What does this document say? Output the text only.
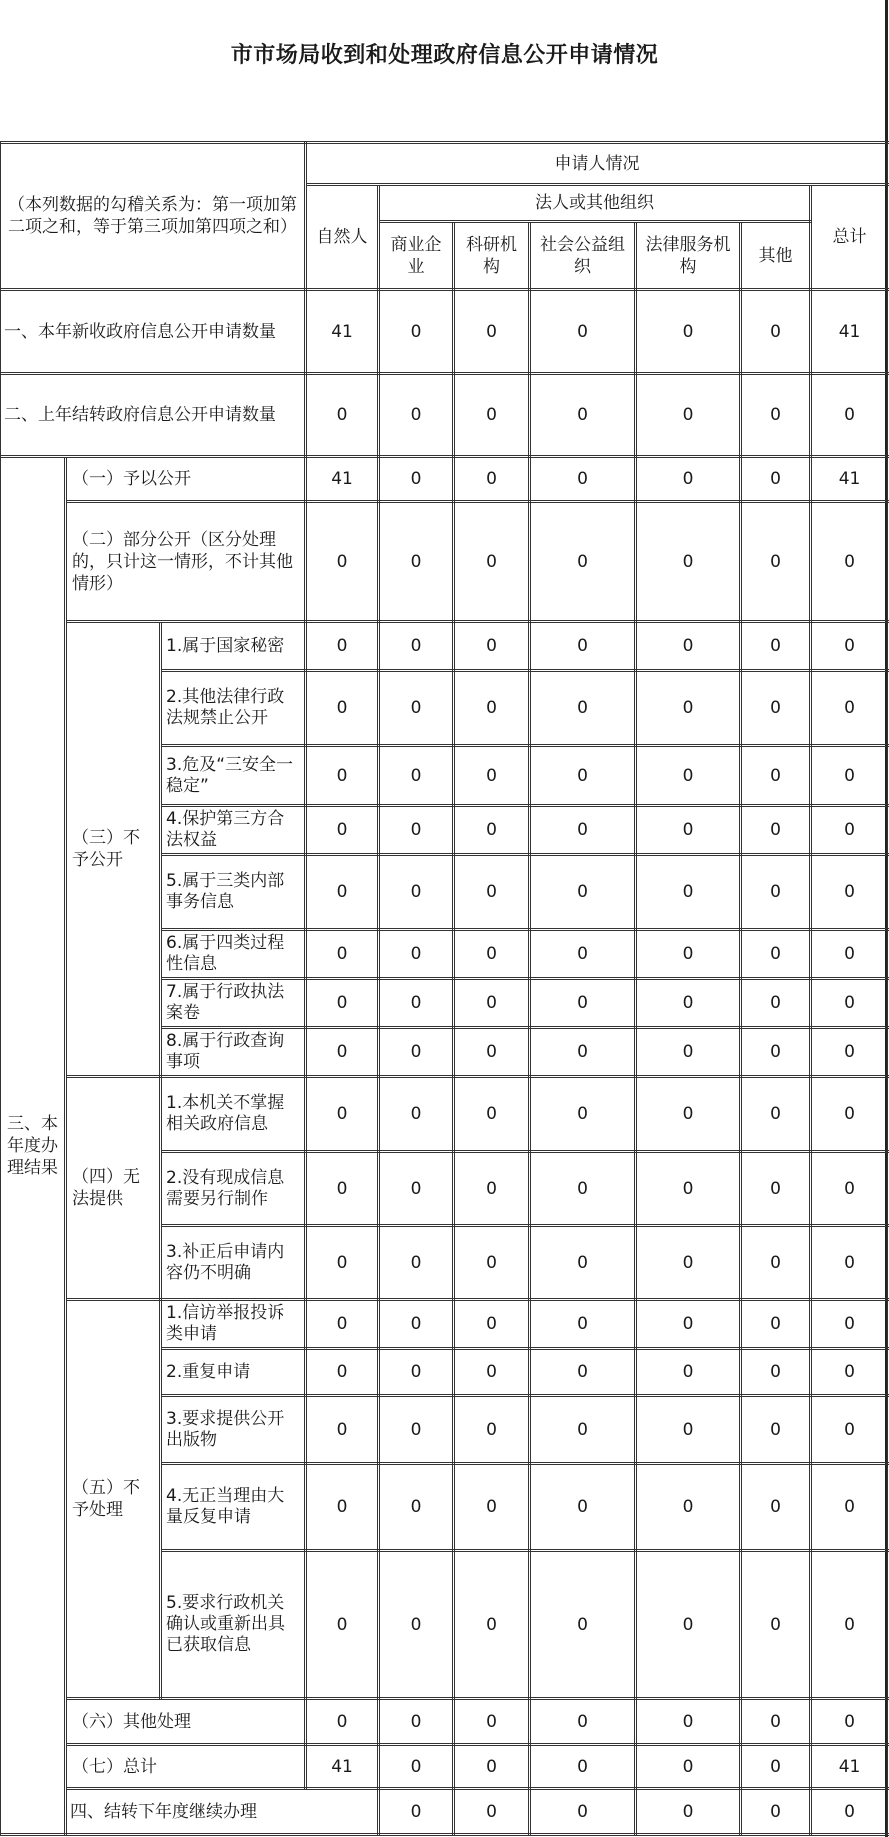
市市场局收到和处理政府信息公开申请情况
（本列数据的勾稽关系为：第一项加第二项之和，等于第三项加第四项之和）			申请人情况							
			自然人	法人或其他组织					总计	
				商业企业	科研机构	社会公益组织	法律服务机构	其他		
一、本年新收政府信息公开申请数量			41	0	0	0	0	0	41	
二、上年结转政府信息公开申请数量			0	0	0	0	0	0	0	
三、本年度办理结果	（一）予以公开		41	0	0	0	0	0	41	
	（二）部分公开（区分处理的，只计这一情形，不计其他情形）		0	0	0	0	0	0	0	
	（三）不予公开	1.属于国家秘密	0	0	0	0	0	0	0	
		2.其他法律行政法规禁止公开	0	0	0	0	0	0	0	
		3.危及“三安全一稳定”	0	0	0	0	0	0	0	
		4.保护第三方合法权益	0	0	0	0	0	0	0	
		5.属于三类内部事务信息	0	0	0	0	0	0	0	
		6.属于四类过程性信息	0	0	0	0	0	0	0	
		7.属于行政执法案卷	0	0	0	0	0	0	0	
		8.属于行政查询事项	0	0	0	0	0	0	0	
	（四）无法提供	1.本机关不掌握相关政府信息	0	0	0	0	0	0	0	
		2.没有现成信息需要另行制作	0	0	0	0	0	0	0	
		3.补正后申请内容仍不明确	0	0	0	0	0	0	0	
	（五）不予处理	1.信访举报投诉类申请	0	0	0	0	0	0	0	
		2.重复申请	0	0	0	0	0	0	0	
		3.要求提供公开出版物	0	0	0	0	0	0	0	
		4.无正当理由大量反复申请	0	0	0	0	0	0	0	
		5.要求行政机关确认或重新出具已获取信息	0	0	0	0	0	0	0	
	（六）其他处理		0	0	0	0	0	0	0	
	（七）总计		41	0	0	0	0	0	41	
	四、结转下年度继续办理			0	0	0	0	0	0	
